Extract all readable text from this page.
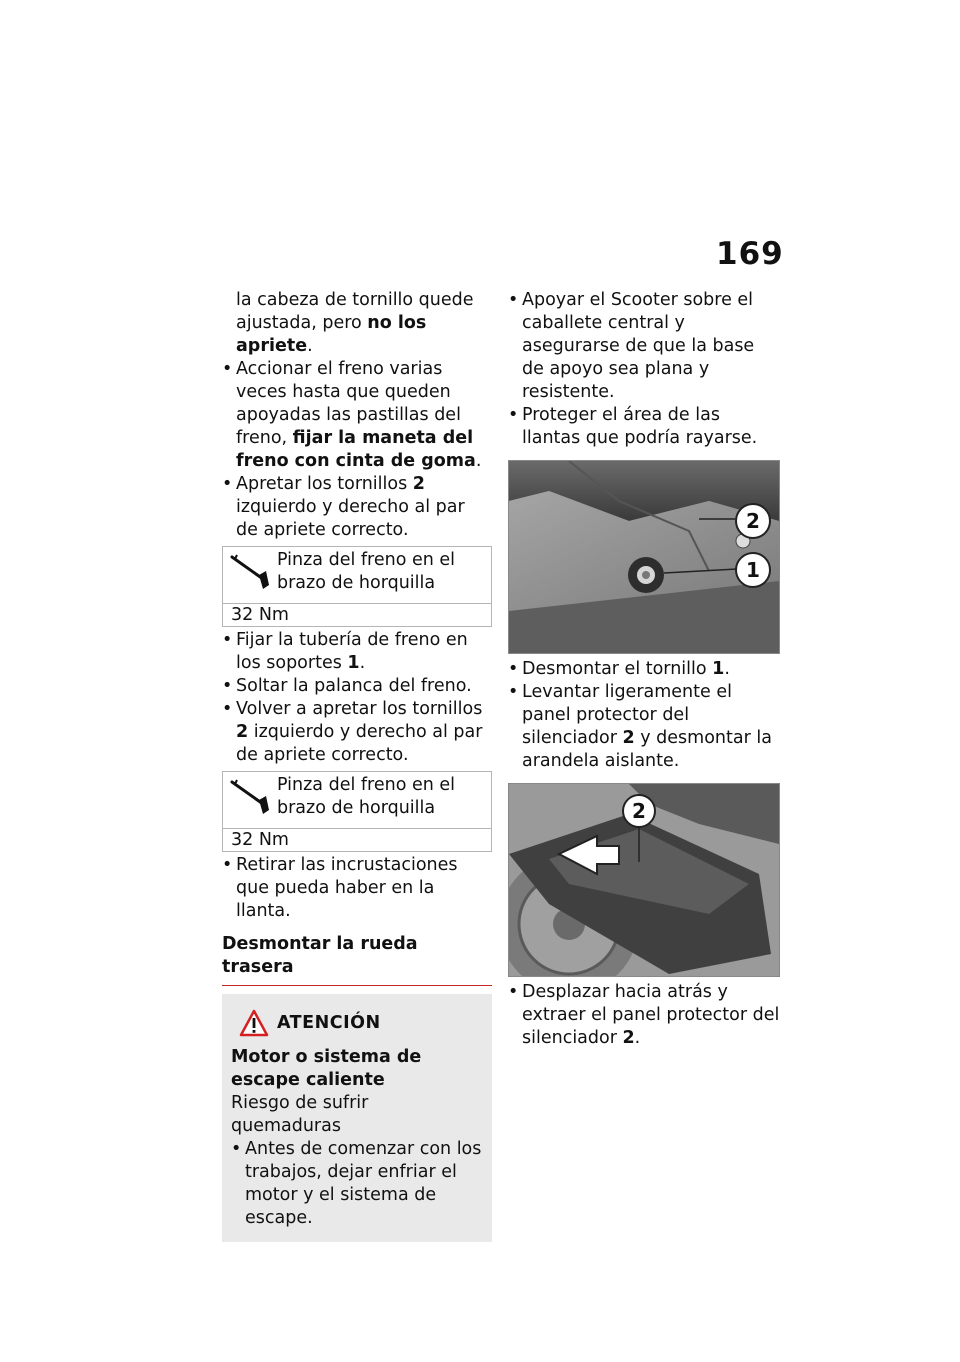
169

la cabeza de tornillo quede

ajustada, pero no los apriete.

• Accionar el freno varias veces hasta que queden apoyadas las pastillas del freno, fijar la maneta del freno con cinta de goma.

• Apretar los tornillos 2 izquierdo y derecho al par de apriete correcto.

Pinza del freno en el brazo de horquilla
32 Nm

• Fijar la tubería de freno en los soportes 1.

• Soltar la palanca del freno.

• Volver a apretar los tornillos 2 izquierdo y derecho al par de apriete correcto.

Pinza del freno en el brazo de horquilla
32 Nm

• Retirar las incrustaciones que pueda haber en la llanta.

Desmontar la rueda trasera
ATENCIÓN
Motor o sistema de escape caliente
Riesgo de sufrir quemaduras
• Antes de comenzar con los trabajos, dejar enfriar el motor y el sistema de escape.

• Apoyar el Scooter sobre el caballete central y asegurarse de que la base de apoyo sea plana y resistente.

• Proteger el área de las llantas que podría rayarse.

2
1

• Desmontar el tornillo 1.

• Levantar ligeramente el panel protector del silenciador 2 y desmontar la arandela aislante.

2

• Desplazar hacia atrás y extraer el panel protector del silenciador 2.
